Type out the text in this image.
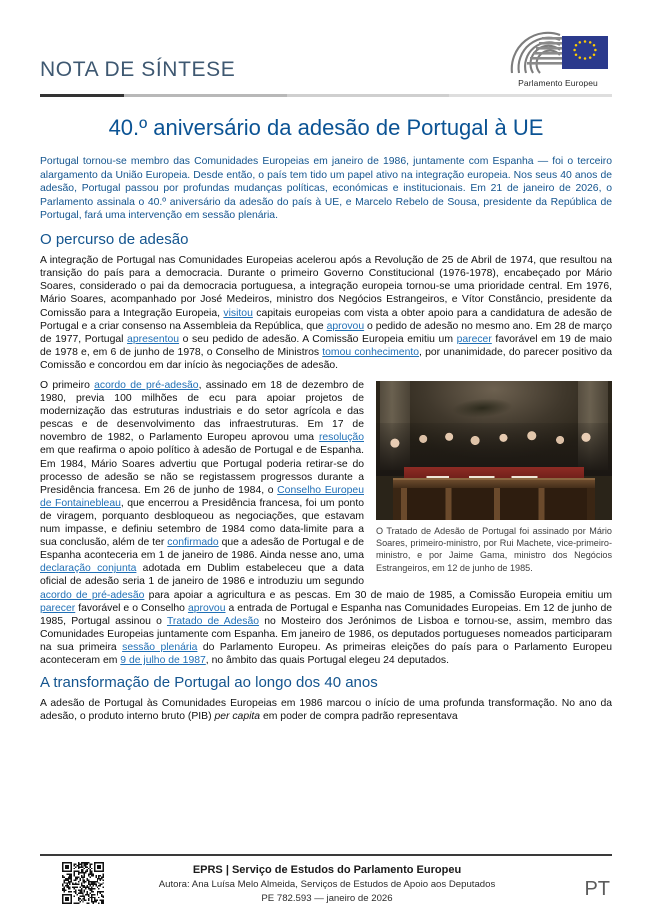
NOTA DE SÍNTESE
Parlamento Europeu
40.º aniversário da adesão de Portugal à UE

Portugal tornou-se membro das Comunidades Europeias em janeiro de 1986, juntamente com Espanha — foi o terceiro alargamento da União Europeia. Desde então, o país tem tido um papel ativo na integração europeia. Nos seus 40 anos de adesão, Portugal passou por profundas mudanças políticas, económicas e institucionais. Em 21 de janeiro de 2026, o Parlamento assinala o 40.º aniversário da adesão do país à UE, e Marcelo Rebelo de Sousa, presidente da República de Portugal, fará uma intervenção em sessão plenária.

O percurso de adesão

A integração de Portugal nas Comunidades Europeias acelerou após a Revolução de 25 de Abril de 1974, que resultou na transição do país para a democracia. Durante o primeiro Governo Constitucional (1976-1978), encabeçado por Mário Soares, considerado o pai da democracia portuguesa, a integração europeia tornou-se uma prioridade central. Em 1976, Mário Soares, acompanhado por José Medeiros, ministro dos Negócios Estrangeiros, e Vítor Constâncio, presidente da Comissão para a Integração Europeia, visitou capitais europeias com vista a obter apoio para a candidatura de adesão de Portugal e a criar consenso na Assembleia da República, que aprovou o pedido de adesão no mesmo ano. Em 28 de março de 1977, Portugal apresentou o seu pedido de adesão. A Comissão Europeia emitiu um parecer favorável em 19 de maio de 1978 e, em 6 de junho de 1978, o Conselho de Ministros tomou conhecimento, por unanimidade, do parecer positivo da Comissão e concordou em dar início às negociações de adesão.

O Tratado de Adesão de Portugal foi assinado por Mário Soares, primeiro-ministro, por Rui Machete, vice-primeiro-ministro, e por Jaime Gama, ministro dos Negócios Estrangeiros, em 12 de junho de 1985.

O primeiro acordo de pré-adesão, assinado em 18 de dezembro de 1980, previa 100 milhões de ecu para apoiar projetos de modernização das estruturas industriais e do setor agrícola e das pescas e de desenvolvimento das infraestruturas. Em 17 de novembro de 1982, o Parlamento Europeu aprovou uma resolução em que reafirma o apoio político à adesão de Portugal e de Espanha. Em 1984, Mário Soares advertiu que Portugal poderia retirar-se do processo de adesão se não se registassem progressos durante a Presidência francesa. Em 26 de junho de 1984, o Conselho Europeu de Fontainebleau, que encerrou a Presidência francesa, foi um ponto de viragem, porquanto desbloqueou as negociações, que estavam num impasse, e definiu setembro de 1984 como data-limite para a sua conclusão, além de ter confirmado que a adesão de Portugal e de Espanha aconteceria em 1 de janeiro de 1986. Ainda nesse ano, uma declaração conjunta adotada em Dublim estabeleceu que a data oficial de adesão seria 1 de janeiro de 1986 e introduziu um segundo acordo de pré-adesão para apoiar a agricultura e as pescas. Em 30 de maio de 1985, a Comissão Europeia emitiu um parecer favorável e o Conselho aprovou a entrada de Portugal e Espanha nas Comunidades Europeias. Em 12 de junho de 1985, Portugal assinou o Tratado de Adesão no Mosteiro dos Jerónimos de Lisboa e tornou-se, assim, membro das Comunidades Europeias juntamente com Espanha. Em janeiro de 1986, os deputados portugueses nomeados participaram na sua primeira sessão plenária do Parlamento Europeu. As primeiras eleições do país para o Parlamento Europeu aconteceram em 9 de julho de 1987, no âmbito das quais Portugal elegeu 24 deputados.

A transformação de Portugal ao longo dos 40 anos

A adesão de Portugal às Comunidades Europeias em 1986 marcou o início de uma profunda transformação. No ano da adesão, o produto interno bruto (PIB) per capita em poder de compra padrão representava

EPRS | Serviço de Estudos do Parlamento Europeu
Autora: Ana Luísa Melo Almeida, Serviços de Estudos de Apoio aos Deputados
PE 782.593 — janeiro de 2026	PT
